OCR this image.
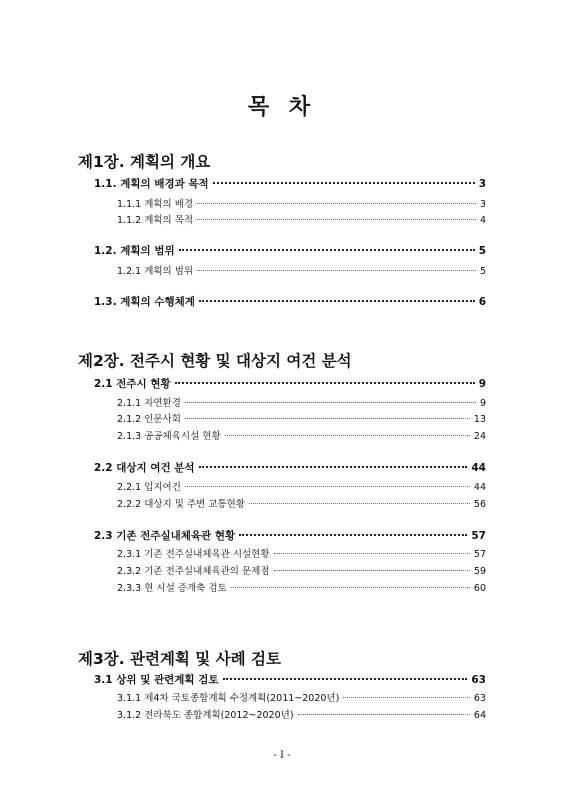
목 차
제1장. 계획의 개요
1.1. 계획의 배경과 목적	3
1.1.1 계획의 배경	3
1.1.2 계획의 목적	4
1.2. 계획의 범위	5
1.2.1 계획의 범위	5
1.3. 계획의 수행체계	6
제2장. 전주시 현황 및 대상지 여건 분석
2.1 전주시 현황	9
2.1.1 자연환경	9
2.1.2 인문사회	13
2.1.3 공공체육시설 현황	24
2.2 대상지 여건 분석	44
2.2.1 입지여건	44
2.2.2 대상지 및 주변 교통현황	56
2.3 기존 전주실내체육관 현황	57
2.3.1 기존 전주실내체육관 시설현황	57
2.3.2 기존 전주실내체육관의 문제점	59
2.3.3 현 시설 증개축 검토	60
제3장. 관련계획 및 사례 검토
3.1 상위 및 관련계획 검토	63
3.1.1 제4차 국토종합계획 수정계획(2011~2020년)	63
3.1.2 전라북도 종합계획(2012~2020년)	64
- I -
